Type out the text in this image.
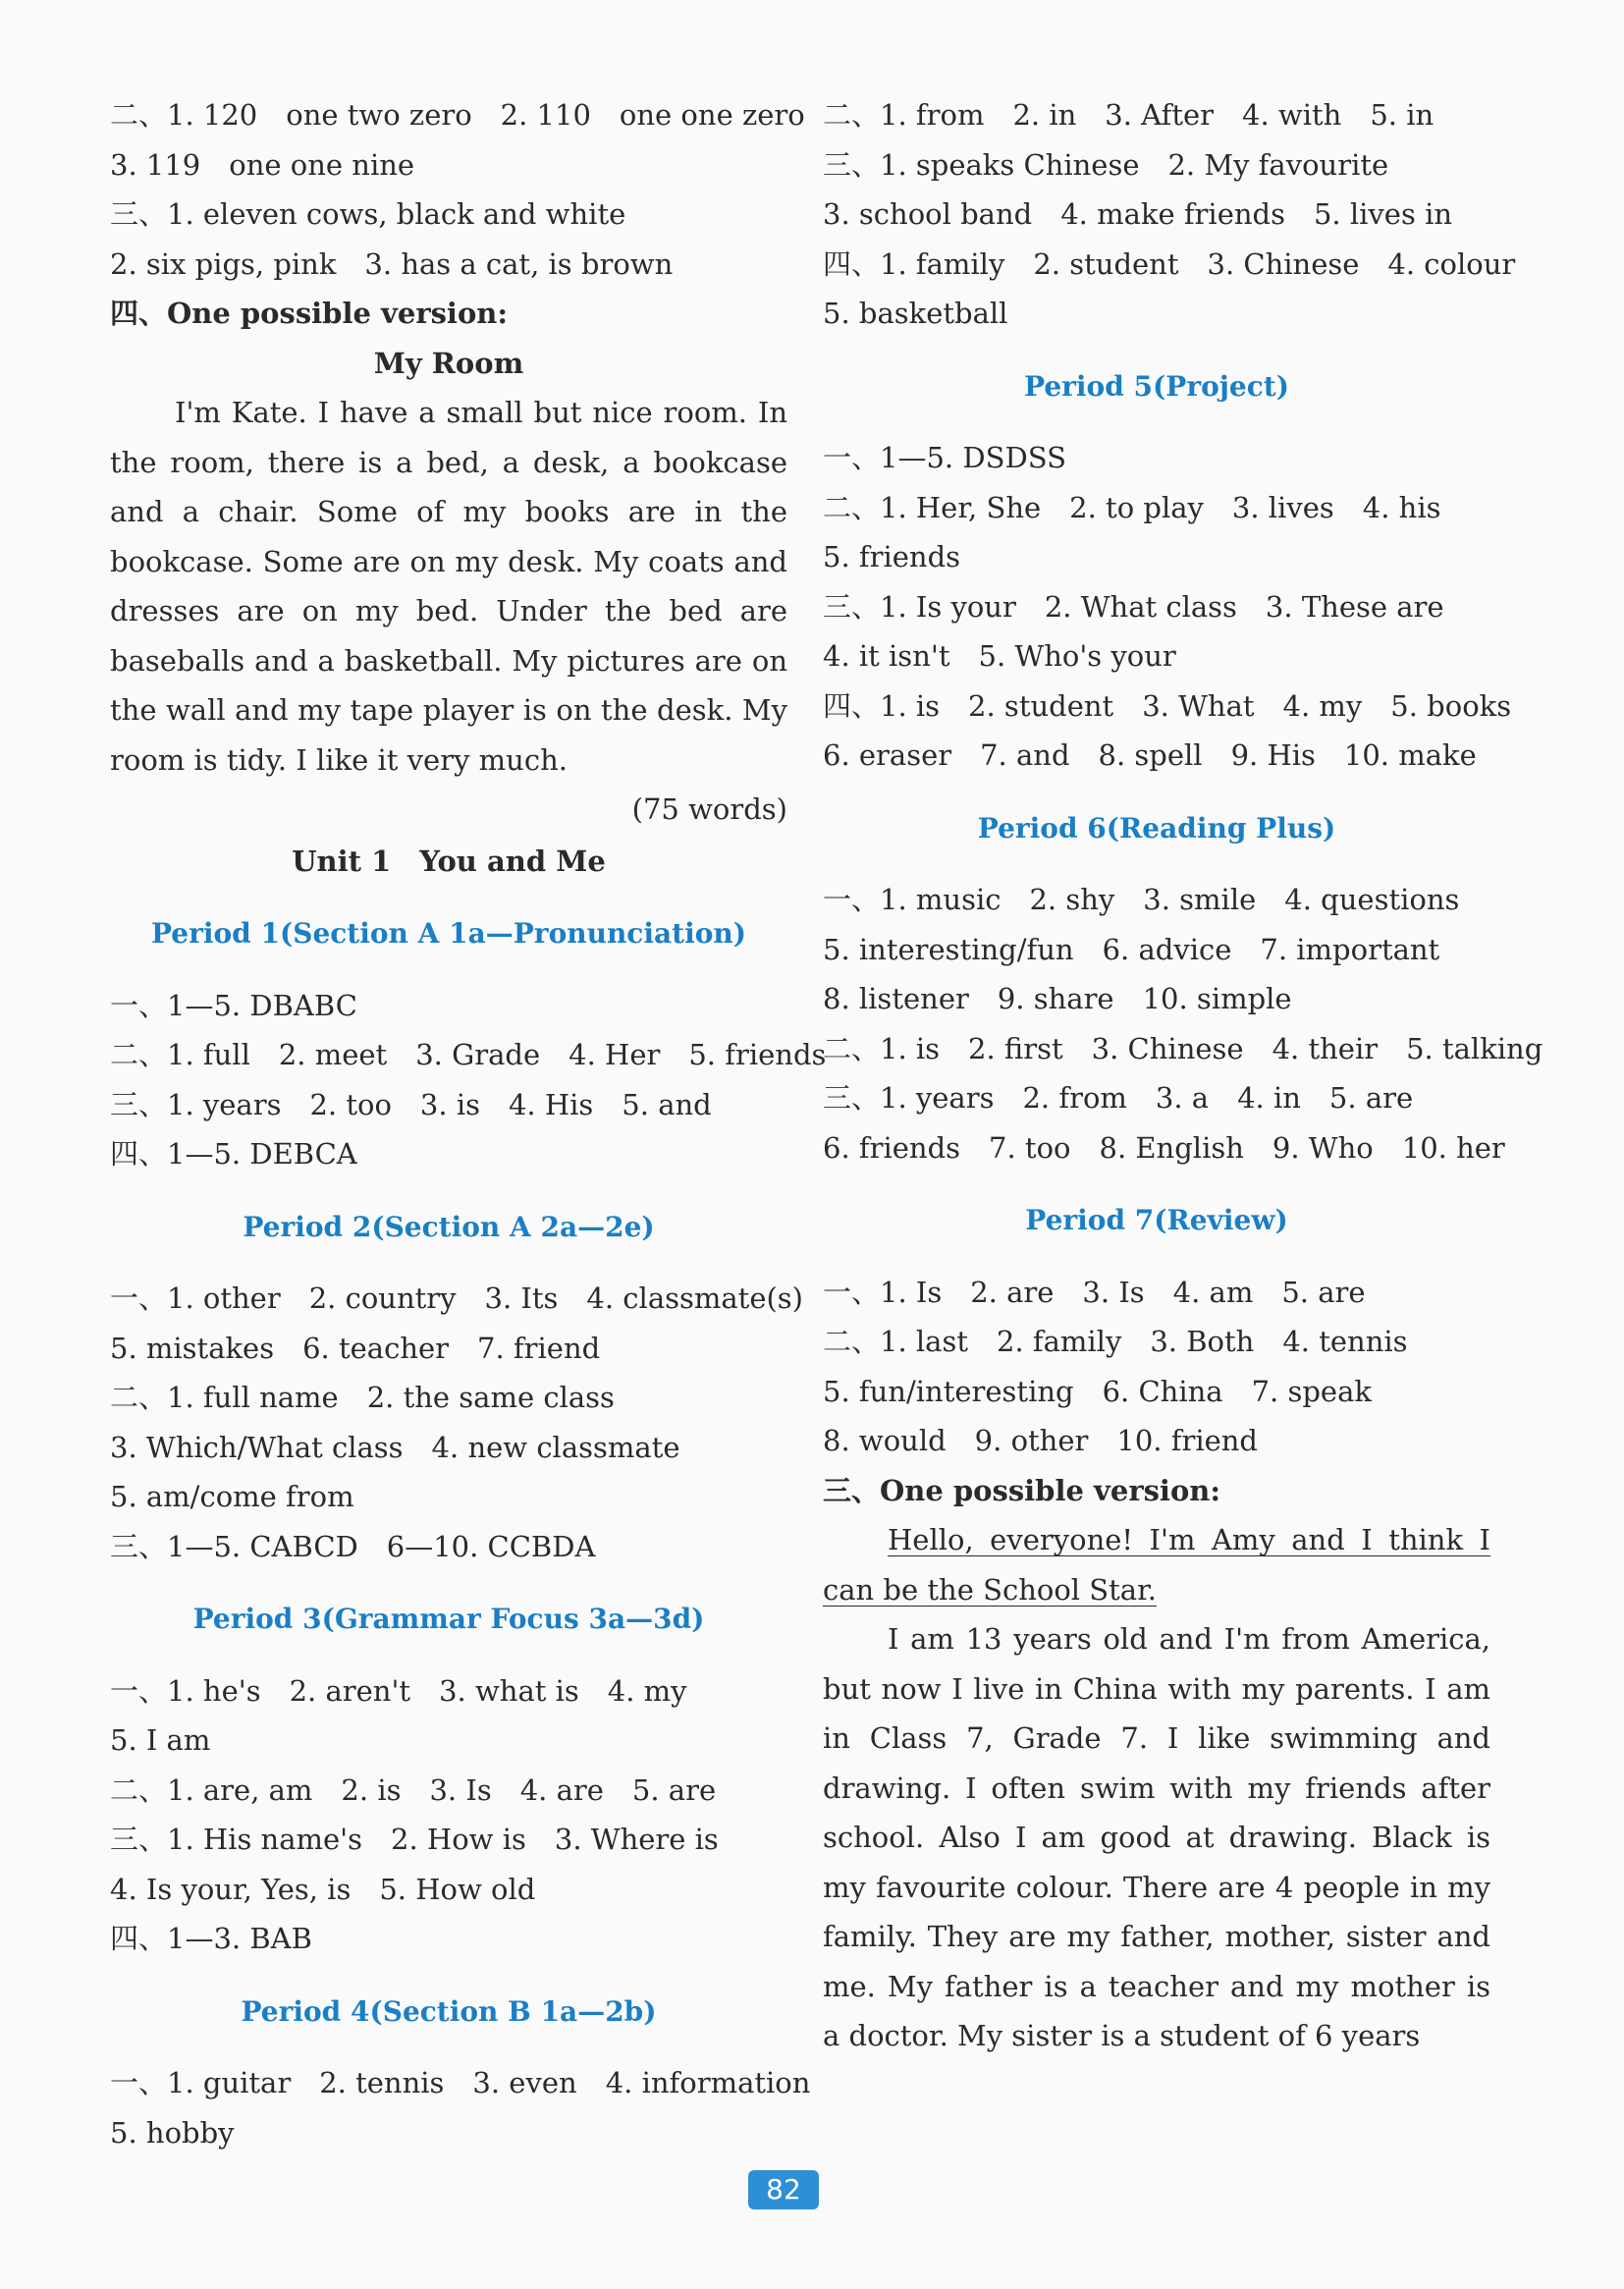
二、1. 120　one two zero　2. 110　one one zero
3. 119　one one nine
三、1. eleven cows, black and white
2. six pigs, pink　3. has a cat, is brown
四、One possible version:
My Room
I'm Kate. I have a small but nice room. In the room, there is a bed, a desk, a bookcase and a chair. Some of my books are in the bookcase. Some are on my desk. My coats and dresses are on my bed. Under the bed are baseballs and a basketball. My pictures are on the wall and my tape player is on the desk. My room is tidy. I like it very much.
(75 words)
Unit 1　You and Me
Period 1(Section A 1a—Pronunciation)
一、1—5. DBABC
二、1. full　2. meet　3. Grade　4. Her　5. friends
三、1. years　2. too　3. is　4. His　5. and
四、1—5. DEBCA
Period 2(Section A 2a—2e)
一、1. other　2. country　3. Its　4. classmate(s)
5. mistakes　6. teacher　7. friend
二、1. full name　2. the same class
3. Which/What class　4. new classmate
5. am/come from
三、1—5. CABCD　6—10. CCBDA
Period 3(Grammar Focus 3a—3d)
一、1. he's　2. aren't　3. what is　4. my
5. I am
二、1. are, am　2. is　3. Is　4. are　5. are
三、1. His name's　2. How is　3. Where is
4. Is your, Yes, is　5. How old
四、1—3. BAB
Period 4(Section B 1a—2b)
一、1. guitar　2. tennis　3. even　4. information
5. hobby
二、1. from　2. in　3. After　4. with　5. in
三、1. speaks Chinese　2. My favourite
3. school band　4. make friends　5. lives in
四、1. family　2. student　3. Chinese　4. colour
5. basketball
Period 5(Project)
一、1—5. DSDSS
二、1. Her, She　2. to play　3. lives　4. his
5. friends
三、1. Is your　2. What class　3. These are
4. it isn't　5. Who's your
四、1. is　2. student　3. What　4. my　5. books
6. eraser　7. and　8. spell　9. His　10. make
Period 6(Reading Plus)
一、1. music　2. shy　3. smile　4. questions
5. interesting/fun　6. advice　7. important
8. listener　9. share　10. simple
二、1. is　2. first　3. Chinese　4. their　5. talking
三、1. years　2. from　3. a　4. in　5. are
6. friends　7. too　8. English　9. Who　10. her
Period 7(Review)
一、1. Is　2. are　3. Is　4. am　5. are
二、1. last　2. family　3. Both　4. tennis
5. fun/interesting　6. China　7. speak
8. would　9. other　10. friend
三、One possible version:
Hello, everyone! I'm Amy and I think I can be the School Star.
I am 13 years old and I'm from America, but now I live in China with my parents. I am in Class 7, Grade 7. I like swimming and drawing. I often swim with my friends after school. Also I am good at drawing. Black is my favourite colour. There are 4 people in my family. They are my father, mother, sister and me. My father is a teacher and my mother is a doctor. My sister is a student of 6 years
82
